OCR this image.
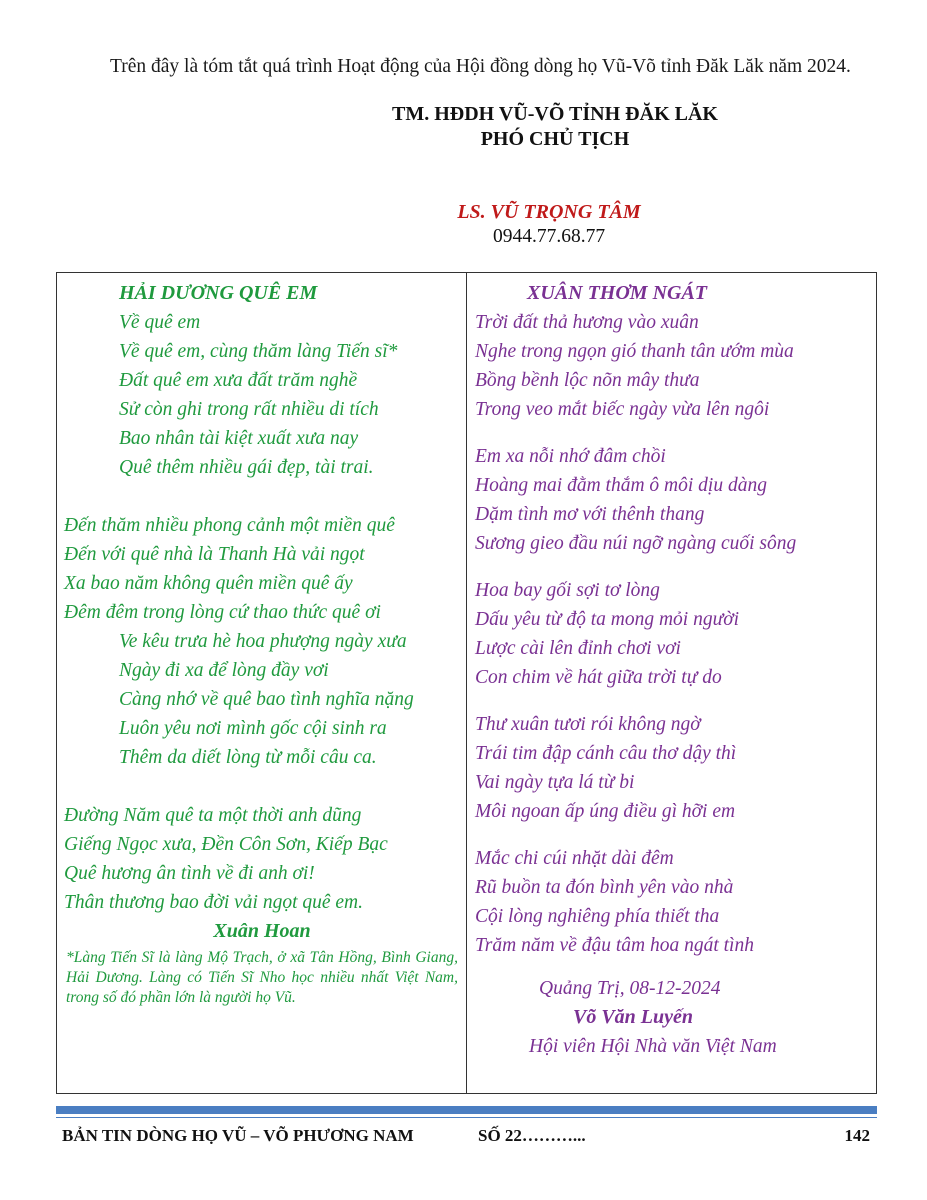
Trên đây là tóm tắt quá trình Hoạt động của Hội đồng dòng họ Vũ-Võ tỉnh Đăk Lăk năm 2024.

TM. HĐDH VŨ-VÕ TỈNH ĐĂK LĂK

PHÓ CHỦ TỊCH

LS. VŨ TRỌNG TÂM

0944.77.68.77

HẢI DƯƠNG QUÊ EM

Về quê em

Về quê em, cùng thăm làng Tiến sĩ*

Đất quê em xưa đất trăm nghề

Sử còn ghi trong rất nhiều di tích

Bao nhân tài kiệt xuất xưa nay

Quê thêm nhiều gái đẹp, tài trai.

Đến thăm nhiều phong cảnh một miền quê

Đến với quê nhà là Thanh Hà vải ngọt

Xa bao năm không quên miền quê ấy

Đêm đêm trong lòng cứ thao thức quê ơi

Ve kêu trưa hè hoa phượng ngày xưa

Ngày đi xa để lòng đầy vơi

Càng nhớ về quê bao tình nghĩa nặng

Luôn yêu nơi mình gốc cội sinh ra

Thêm da diết lòng từ mỗi câu ca.

Đường Năm quê ta một thời anh dũng

Giếng Ngọc xưa, Đền Côn Sơn, Kiếp Bạc

Quê hương ân tình về đi anh ơi!

Thân thương bao đời vải ngọt quê em.

Xuân Hoan

*Làng Tiến Sĩ là làng Mộ Trạch, ở xã Tân Hồng, Bình Giang, Hải Dương. Làng có Tiến Sĩ Nho học nhiều nhất Việt Nam, trong số đó phần lớn là người họ Vũ.

XUÂN THƠM NGÁT

Trời đất thả hương vào xuân

Nghe trong ngọn gió thanh tân ướm mùa

Bồng bềnh lộc nõn mây thưa

Trong veo mắt biếc ngày vừa lên ngôi

Em xa nỗi nhớ đâm chồi

Hoàng mai đằm thắm ô môi dịu dàng

Dặm tình mơ với thênh thang

Sương gieo đầu núi ngỡ ngàng cuối sông

Hoa bay gối sợi tơ lòng

Dấu yêu từ độ ta mong mỏi người

Lược cài lên đỉnh chơi vơi

Con chim về hát giữa trời tự do

Thư xuân tươi rói không ngờ

Trái tim đập cánh câu thơ dậy thì

Vai ngày tựa lá từ bi

Môi ngoan ấp úng điều gì hỡi em

Mắc chi cúi nhặt dài đêm

Rũ buồn ta đón bình yên vào nhà

Cội lòng nghiêng phía thiết tha

Trăm năm về đậu tâm hoa ngát tình

Quảng Trị, 08-12-2024

Võ Văn Luyến

Hội viên Hội Nhà văn Việt Nam

BẢN TIN DÒNG HỌ VŨ – VÕ PHƯƠNG NAM	SỐ 22………...	142
